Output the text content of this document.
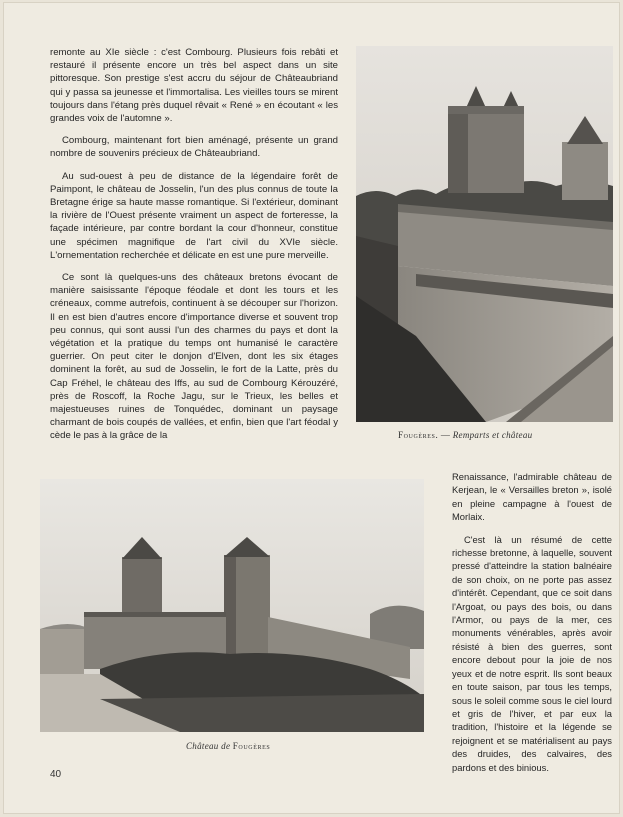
remonte au XIe siècle : c'est Combourg. Plusieurs fois rebâti et restauré il présente encore un très bel aspect dans un site pittoresque. Son prestige s'est accru du séjour de Châteaubriand qui y passa sa jeunesse et l'immortalisa. Les vieilles tours se mirent toujours dans l'étang près duquel rêvait « René » en écoutant « les grandes voix de l'automne ».

Combourg, maintenant fort bien aménagé, présente un grand nombre de souvenirs précieux de Châteaubriand.

Au sud-ouest à peu de distance de la légendaire forêt de Paimpont, le château de Josselin, l'un des plus connus de toute la Bretagne érige sa haute masse romantique. Si l'extérieur, dominant la rivière de l'Ouest présente vraiment un aspect de forteresse, la façade intérieure, par contre bordant la cour d'honneur, constitue une spécimen magnifique de l'art civil du XVIe siècle. L'ornementation recherchée et délicate en est une pure merveille.

Ce sont là quelques-uns des châteaux bretons évocant de manière saisissante l'époque féodale et dont les tours et les créneaux, comme autrefois, continuent à se découper sur l'horizon. Il en est bien d'autres encore d'importance diverse et souvent trop peu connus, qui sont aussi l'un des charmes du pays et dont la végétation et la pratique du temps ont humanisé le caractère guerrier. On peut citer le donjon d'Elven, dont les six étages dominent la forêt, au sud de Josselin, le fort de la Latte, près du Cap Fréhel, le château des Iffs, au sud de Combourg Kérouzéré, près de Roscoff, la Roche Jagu, sur le Trieux, les belles et majestueuses ruines de Tonquédec, dominant un paysage charmant de bois coupés de vallées, et enfin, bien que l'art féodal y cède le pas à la grâce de la	Fougères. — Remparts et château
Château de Fougères

Renaissance, l'admirable château de Kerjean, le « Versailles breton », isolé en pleine campagne à l'ouest de Morlaix.

C'est là un résumé de cette richesse bretonne, à laquelle, souvent pressé d'atteindre la station balnéaire de son choix, on ne porte pas assez d'intérêt. Cependant, que ce soit dans l'Argoat, ou pays des bois, ou dans l'Armor, ou pays de la mer, ces monuments vénérables, après avoir résisté à bien des guerres, sont encore debout pour la joie de nos yeux et de notre esprit. Ils sont beaux en toute saison, par tous les temps, sous le soleil comme sous le ciel lourd et gris de l'hiver, et par eux la tradition, l'histoire et la légende se rejoignent et se matérialisent au pays des druides, des calvaires, des pardons et des binious.

40
